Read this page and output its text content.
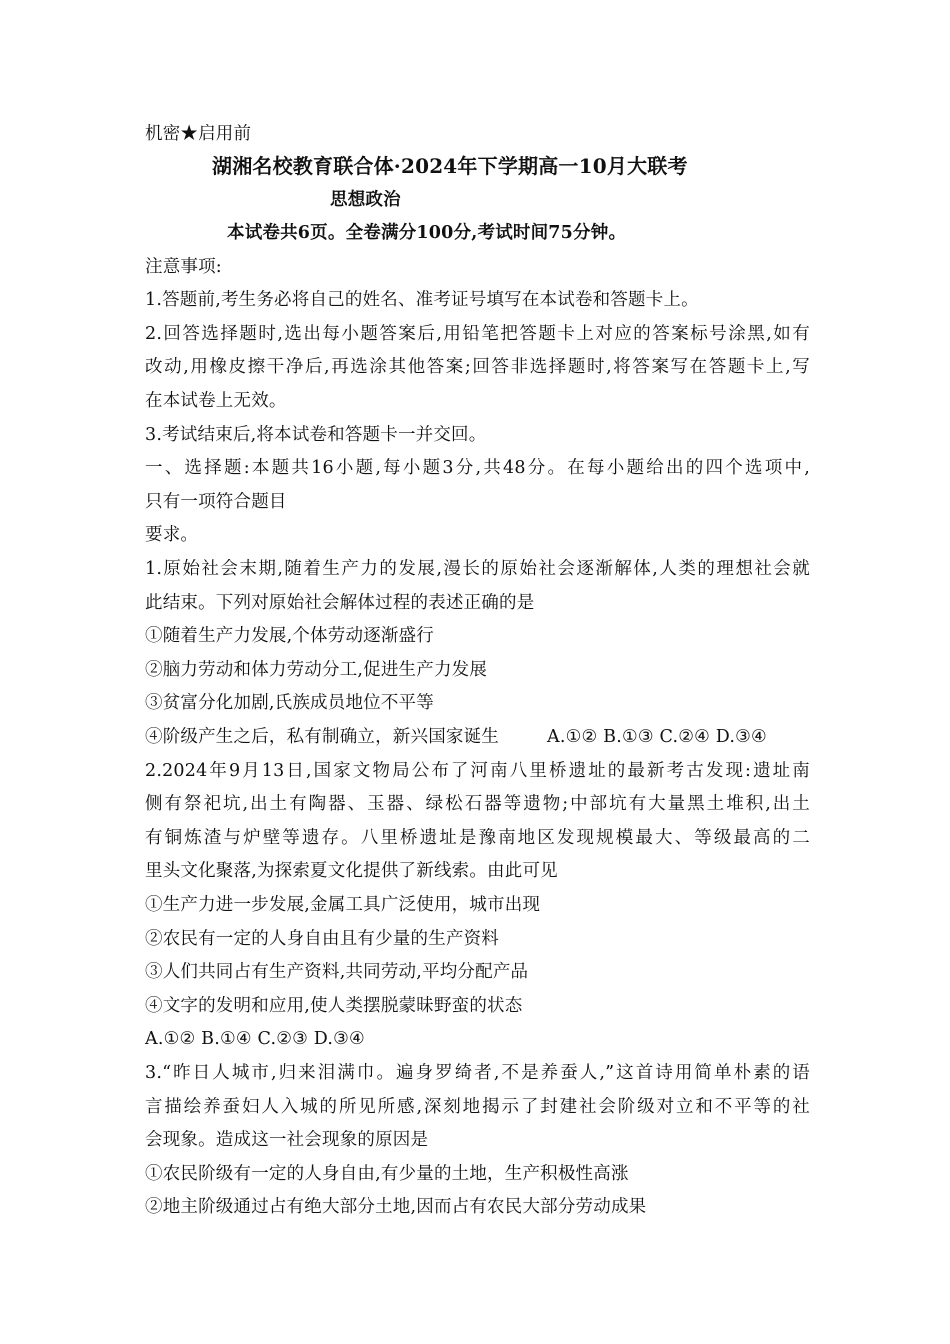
机密★启用前
湖湘名校教育联合体·2024年下学期高一10月大联考
思想政治
本试卷共6页。全卷满分100分,考试时间75分钟。
注意事项:
1.答题前,考生务必将自己的姓名、准考证号填写在本试卷和答题卡上。
2.回答选择题时,选出每小题答案后,用铅笔把答题卡上对应的答案标号涂黑,如有
改动,用橡皮擦干净后,再选涂其他答案;回答非选择题时,将答案写在答题卡上,写
在本试卷上无效。
3.考试结束后,将本试卷和答题卡一并交回。
一、选择题:本题共16小题,每小题3分,共48分。在每小题给出的四个选项中,
只有一项符合题目
要求。
1.原始社会末期,随着生产力的发展,漫长的原始社会逐渐解体,人类的理想社会就
此结束。下列对原始社会解体过程的表述正确的是
①随着生产力发展,个体劳动逐渐盛行
②脑力劳动和体力劳动分工,促进生产力发展
③贫富分化加剧,氏族成员地位不平等
④阶级产生之后，私有制确立，新兴国家诞生	A.①② B.①③ C.②④ D.③④
2.2024年9月13日,国家文物局公布了河南八里桥遗址的最新考古发现:遗址南
侧有祭祀坑,出土有陶器、玉器、绿松石器等遗物;中部坑有大量黑土堆积,出土
有铜炼渣与炉壁等遗存。八里桥遗址是豫南地区发现规模最大、等级最高的二
里头文化聚落,为探索夏文化提供了新线索。由此可见
①生产力进一步发展,金属工具广泛使用，城市出现
②农民有一定的人身自由且有少量的生产资料
③人们共同占有生产资料,共同劳动,平均分配产品
④文字的发明和应用,使人类摆脱蒙昧野蛮的状态
A.①② B.①④ C.②③ D.③④
3.“昨日人城市,归来泪满巾。遍身罗绮者,不是养蚕人,”这首诗用简单朴素的语
言描绘养蚕妇人入城的所见所感,深刻地揭示了封建社会阶级对立和不平等的社
会现象。造成这一社会现象的原因是
①农民阶级有一定的人身自由,有少量的土地，生产积极性高涨
②地主阶级通过占有绝大部分土地,因而占有农民大部分劳动成果
